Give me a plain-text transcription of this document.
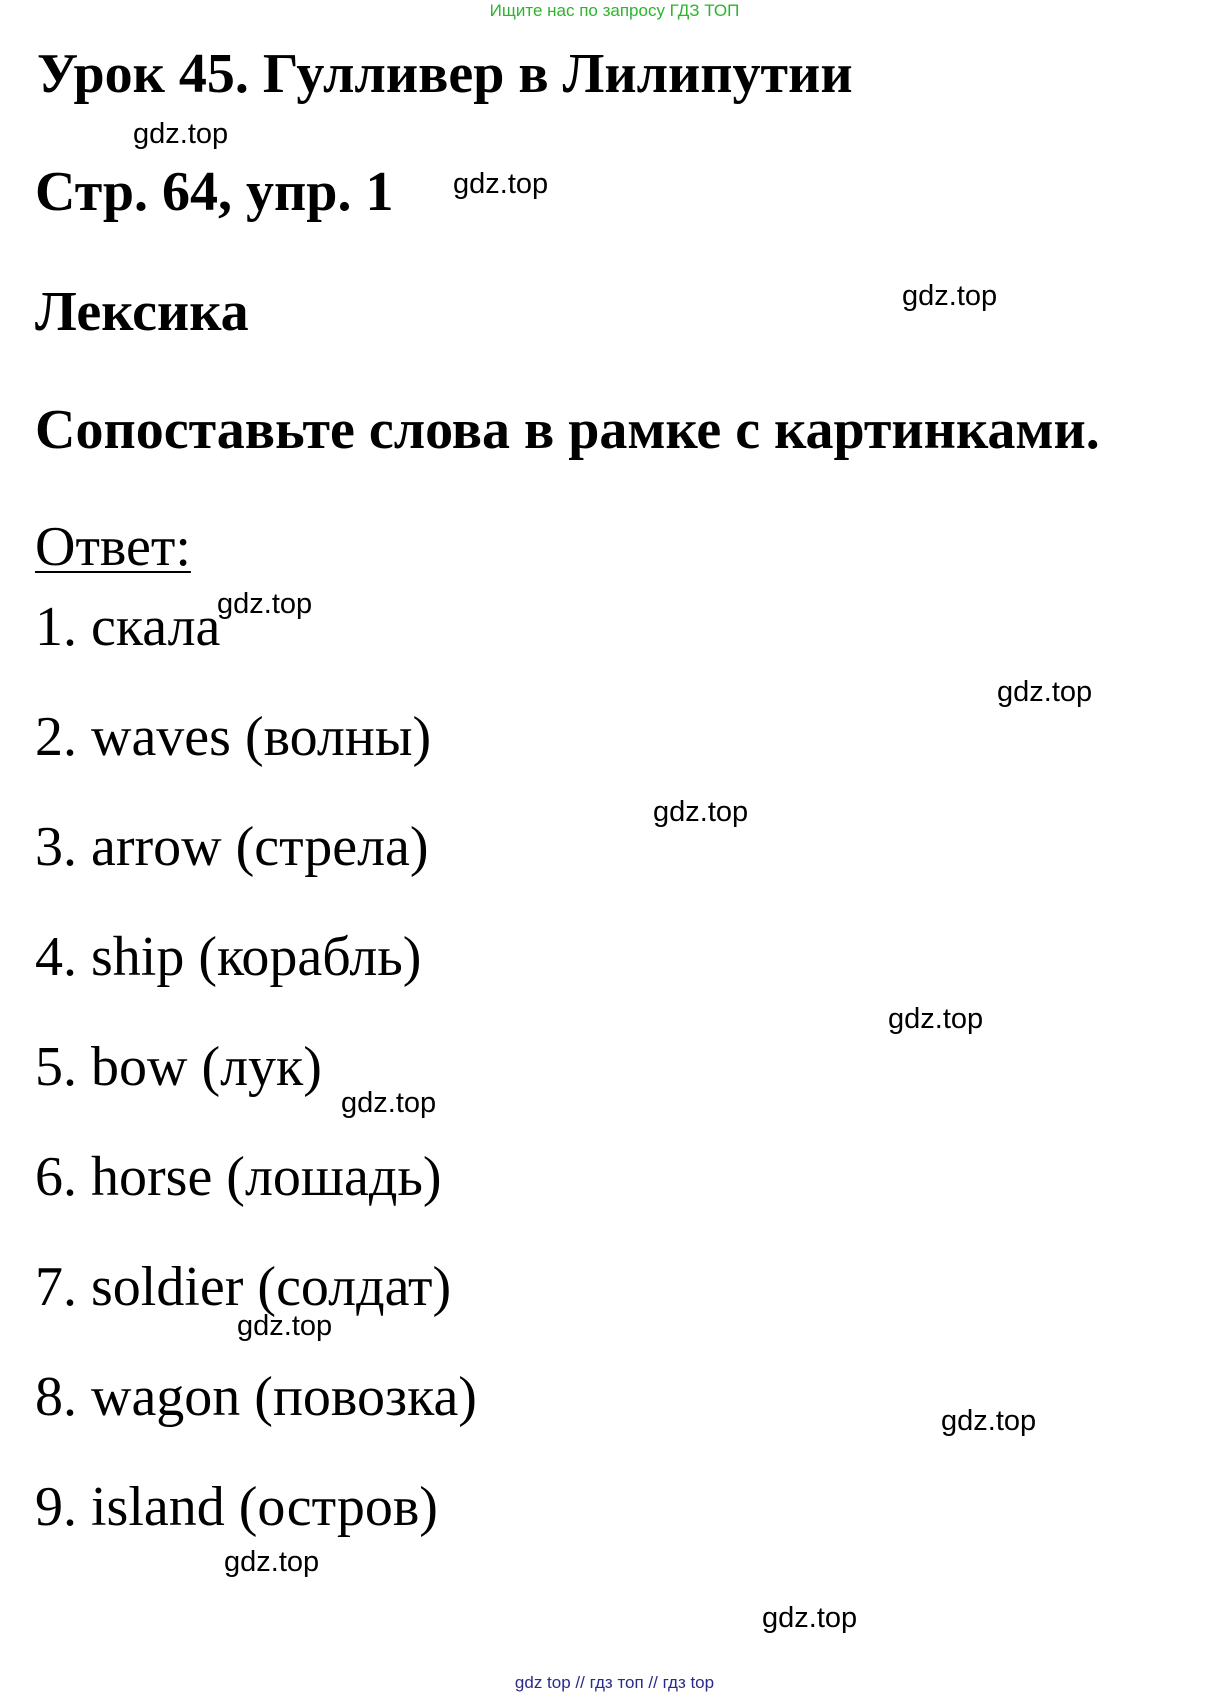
Ищите нас по запросу ГДЗ ТОП
Урок 45. Гулливер в Лилипутии
Стр. 64, упр. 1
Лексика
Сопоставьте слова в рамке с картинками.
Ответ:
1. скала
2. waves (волны)
3. arrow (стрела)
4. ship (корабль)
5. bow (лук)
6. horse (лошадь)
7. soldier (солдат)
8. wagon (повозка)
9. island (остров)
gdz.top
gdz.top
gdz.top
gdz.top
gdz.top
gdz.top
gdz.top
gdz.top
gdz.top
gdz.top
gdz.top
gdz.top
gdz top // гдз топ // гдз top
